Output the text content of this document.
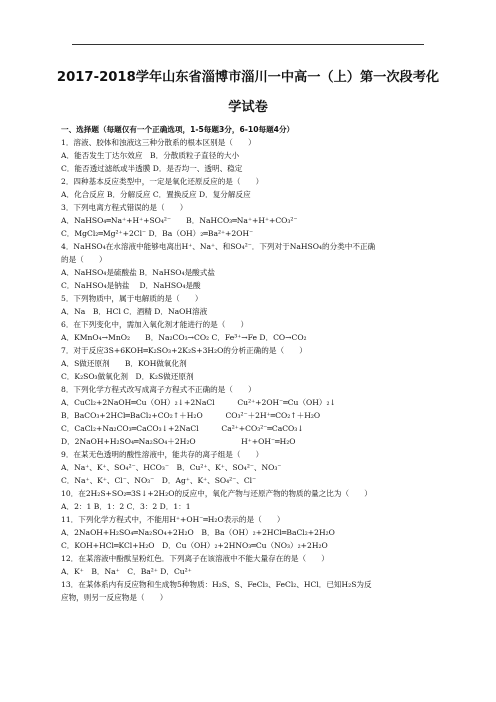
2017-2018学年山东省淄博市淄川一中高一（上）第一次段考化
学试卷
一、选择题（每题仅有一个正确选项，1-5每题3分，6-10每题4分）
1．溶液、胶体和浊液这三种分散系的根本区别是（　　）
A．能否发生丁达尔效应　B．分散质粒子直径的大小
C．能否透过滤纸或半透膜 D．是否均一、透明、稳定
2．四种基本反应类型中，一定是氧化还原反应的是（　　）
A．化合反应 B．分解反应 C．置换反应 D．复分解反应
3．下列电离方程式错误的是（　　）
A．NaHSO₄═Na⁺+H⁺+SO₄²⁻　　B．NaHCO₃═Na⁺+H⁺+CO₃²⁻
C．MgCl₂═Mg²⁺+2Cl⁻ D．Ba（OH）₂═Ba²⁺+2OH⁻
4．NaHSO₄在水溶液中能够电离出H⁺、Na⁺、和SO₄²⁻．下列对于NaHSO₄的分类中不正确
的是（　　）
A．NaHSO₄是硫酸盐 B．NaHSO₄是酸式盐
C．NaHSO₄是钠盐　 D．NaHSO₄是酸
5．下列物质中，属于电解质的是（　　）
A．Na　B．HCl C．酒精 D．NaOH溶液
6．在下列变化中，需加入氧化剂才能进行的是（　　）
A．KMnO₄→MnO₂　　B．Na₂CO₃→CO₂ C．Fe³⁺→Fe D．CO→CO₂
7．对于反应3S+6KOH═K₂SO₃+2K₂S+3H₂O的分析正确的是（　　）
A．S做还原剂　　B．KOH做氧化剂
C．K₂SO₃做氧化剂　D．K₂S做还原剂
8．下列化学方程式改写成离子方程式不正确的是（　　）
A．CuCl₂+2NaOH═Cu（OH）₂↓+2NaCl　　　Cu²⁺+2OH⁻═Cu（OH）₂↓
B．BaCO₃+2HCl═BaCl₂+CO₂↑＋H₂O　　　CO₃²⁻＋2H⁺═CO₂↑＋H₂O
C．CaCl₂+Na₂CO₃═CaCO₃↓+2NaCl　　　Ca²⁺+CO₃²⁻═CaCO₃↓
D．2NaOH+H₂SO₄═Na₂SO₄＋2H₂O　　　　　　H⁺+OH⁻═H₂O
9．在某无色透明的酸性溶液中，能共存的离子组是（　　）
A．Na⁺、K⁺、SO₄²⁻、HCO₃⁻　B．Cu²⁺、K⁺、SO₄²⁻、NO₃⁻
C．Na⁺、K⁺、Cl⁻、NO₃⁻　D．Ag⁺、K⁺、SO₄²⁻、Cl⁻
10．在2H₂S+SO₂═3S↓+2H₂O的反应中，氧化产物与还原产物的物质的量之比为（　　）
A．2：1 B．1：2 C．3：2 D．1：1
11．下列化学方程式中，不能用H⁺+OH⁻═H₂O表示的是（　　）
A．2NaOH+H₂SO₄═Na₂SO₄+2H₂O　B．Ba（OH）₂+2HCl═BaCl₂+2H₂O
C．KOH+HCl═KCl+H₂O　D．Cu（OH）₂+2HNO₃═Cu（NO₃）₂+2H₂O
12．在某溶液中酚酞呈粉红色．下列离子在该溶液中不能大量存在的是（　　）
A．K⁺　B．Na⁺　C．Ba²⁺ D．Cu²⁺
13．在某体系内有反应物和生成物5种物质：H₂S、S、FeCl₃、FeCl₂、HCl．已知H₂S为反
应物，则另一反应物是（　　）
